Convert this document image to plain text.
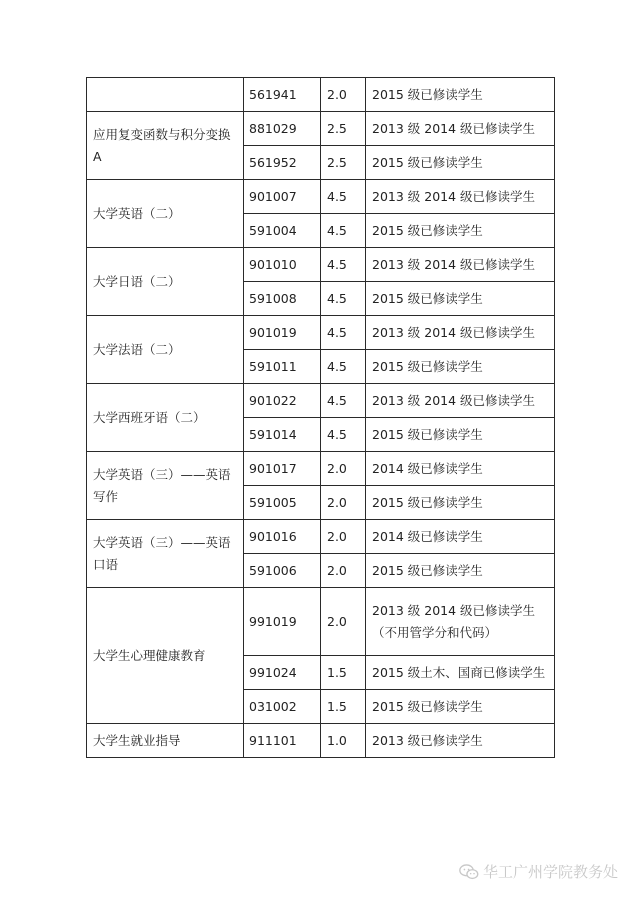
	561941	2.0	2015 级已修读学生
应用复变函数与积分变换A	881029	2.5	2013 级 2014 级已修读学生
	561952	2.5	2015 级已修读学生
大学英语（二）	901007	4.5	2013 级 2014 级已修读学生
	591004	4.5	2015 级已修读学生
大学日语（二）	901010	4.5	2013 级 2014 级已修读学生
	591008	4.5	2015 级已修读学生
大学法语（二）	901019	4.5	2013 级 2014 级已修读学生
	591011	4.5	2015 级已修读学生
大学西班牙语（二）	901022	4.5	2013 级 2014 级已修读学生
	591014	4.5	2015 级已修读学生
大学英语（三）——英语写作	901017	2.0	2014 级已修读学生
	591005	2.0	2015 级已修读学生
大学英语（三）——英语口语	901016	2.0	2014 级已修读学生
	591006	2.0	2015 级已修读学生
大学生心理健康教育	991019	2.0	2013 级 2014 级已修读学生（不用管学分和代码）
	991024	1.5	2015 级土木、国商已修读学生
	031002	1.5	2015 级已修读学生
大学生就业指导	911101	1.0	2013 级已修读学生
华工广州学院教务处
